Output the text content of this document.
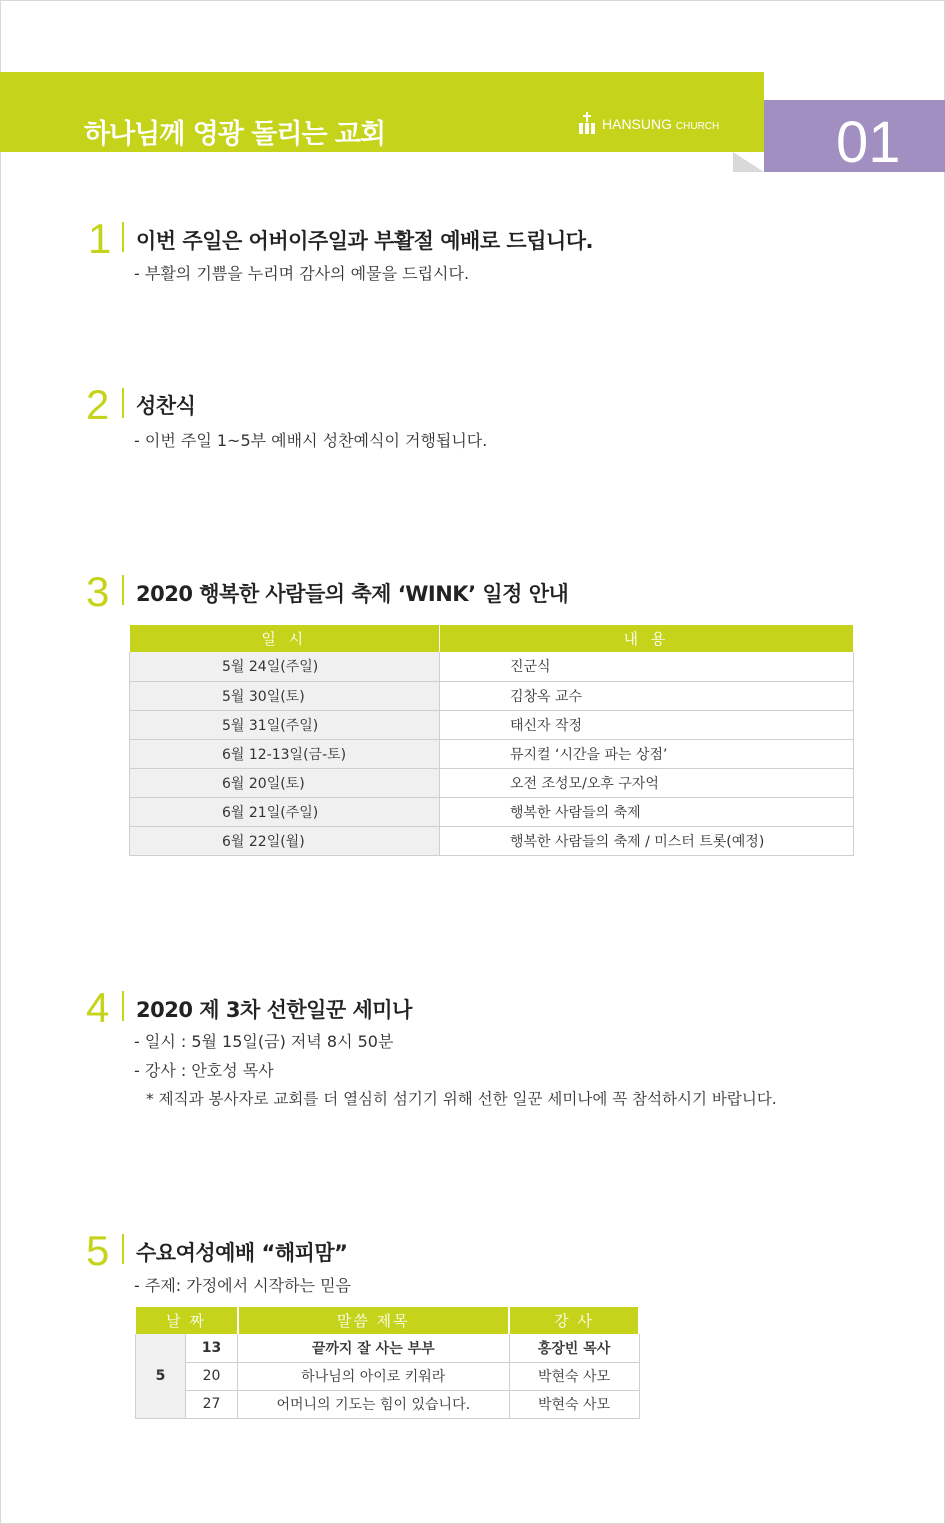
하나님께 영광 돌리는 교회	HANSUNG CHURCH 01
1 이번 주일은 어버이주일과 부활절 예배로 드립니다.
- 부활의 기쁨을 누리며 감사의 예물을 드립시다.
2 성찬식
- 이번 주일 1~5부 예배시 성찬예식이 거행됩니다.
3 2020 행복한 사람들의 축제 ‘WINK’ 일정 안내
일 시	내 용
5월 24일(주일)	진군식
5월 30일(토)	김창옥 교수
5월 31일(주일)	태신자 작정
6월 12-13일(금-토)	뮤지컬 ‘시간을 파는 상점’
6월 20일(토)	오전 조성모/오후 구자억
6월 21일(주일)	행복한 사람들의 축제
6월 22일(월)	행복한 사람들의 축제 / 미스터 트롯(예정)
4 2020 제 3차 선한일꾼 세미나
- 일시 : 5월 15일(금) 저녁 8시 50분
- 강사 : 안호성 목사
* 제직과 봉사자로 교회를 더 열심히 섬기기 위해 선한 일꾼 세미나에 꼭 참석하시기 바랍니다.
5 수요여성예배 “해피맘”
- 주제: 가정에서 시작하는 믿음
날 짜		말씀 제목	강 사
5	13	끝까지 잘 사는 부부	홍장빈 목사
	20	하나님의 아이로 키워라	박현숙 사모
	27	어머니의 기도는 힘이 있습니다.	박현숙 사모
